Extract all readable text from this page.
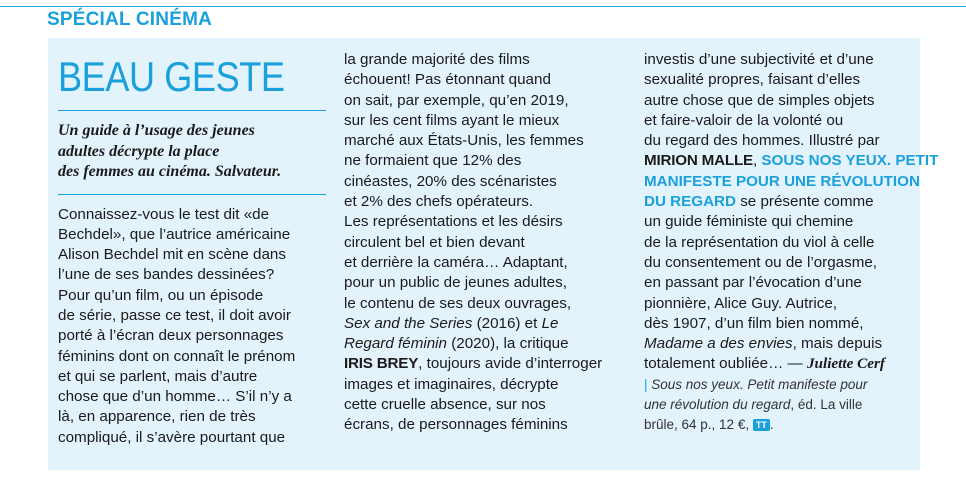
SPÉCIAL CINÉMA
BEAU GESTE
Un guide à l’usage des jeunes
adultes décrypte la place
des femmes au cinéma. Salvateur.
Connaissez-vous le test dit «de
Bechdel», que l’autrice américaine
Alison Bechdel mit en scène dans
l’une de ses bandes dessinées?
Pour qu’un film, ou un épisode
de série, passe ce test, il doit avoir
porté à l’écran deux personnages
féminins dont on connaît le prénom
et qui se parlent, mais d’autre
chose que d’un homme… S’il n’y a
là, en apparence, rien de très
compliqué, il s’avère pourtant que
la grande majorité des films
échouent! Pas étonnant quand
on sait, par exemple, qu’en 2019,
sur les cent films ayant le mieux
marché aux États-Unis, les femmes
ne formaient que 12% des
cinéastes, 20% des scénaristes
et 2% des chefs opérateurs.
Les représentations et les désirs
circulent bel et bien devant
et derrière la caméra… Adaptant,
pour un public de jeunes adultes,
le contenu de ses deux ouvrages,
Sex and the Series (2016) et Le
Regard féminin (2020), la critique
IRIS BREY, toujours avide d’interroger
images et imaginaires, décrypte
cette cruelle absence, sur nos
écrans, de personnages féminins
investis d’une subjectivité et d’une
sexualité propres, faisant d’elles
autre chose que de simples objets
et faire-valoir de la volonté ou
du regard des hommes. Illustré par
MIRION MALLE, SOUS NOS YEUX. PETIT
MANIFESTE POUR UNE RÉVOLUTION
DU REGARD se présente comme
un guide féministe qui chemine
de la représentation du viol à celle
du consentement ou de l’orgasme,
en passant par l’évocation d’une
pionnière, Alice Guy. Autrice,
dès 1907, d’un film bien nommé,
Madame a des envies, mais depuis
totalement oubliée… — Juliette Cerf
| Sous nos yeux. Petit manifeste pour
une révolution du regard, éd. La ville
brûle, 64 p., 12 €, TT .
